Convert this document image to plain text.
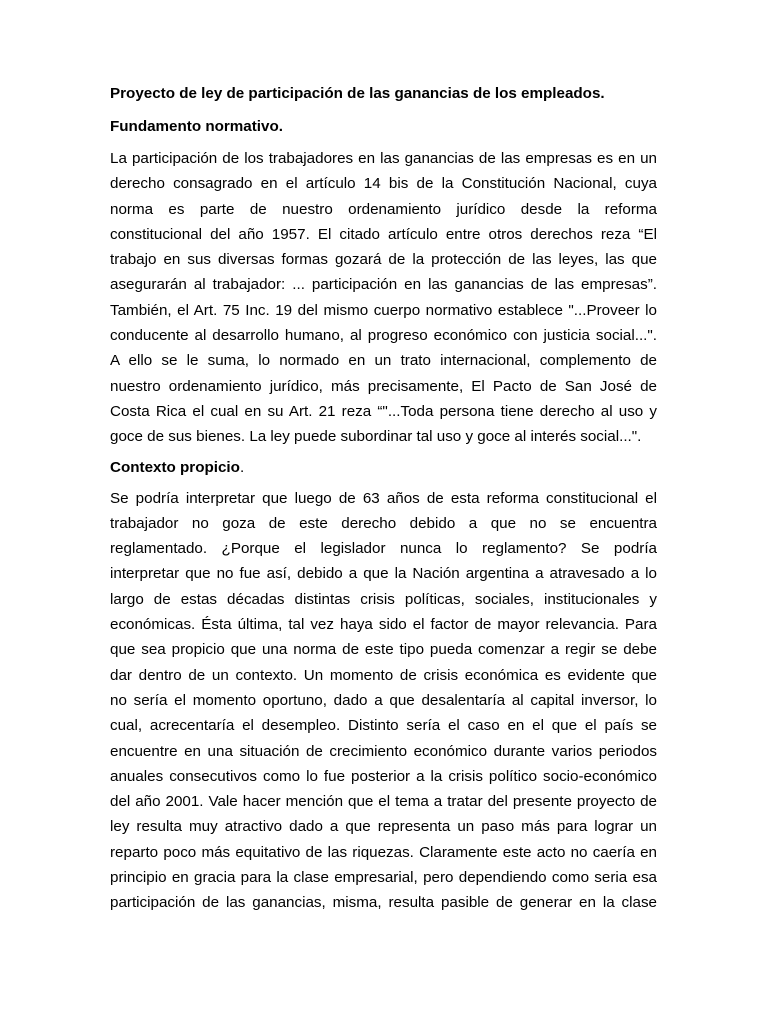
Proyecto de ley de participación de las ganancias de los empleados.

Fundamento normativo.

La participación de los trabajadores en las ganancias de las empresas es en un
derecho consagrado en el artículo 14 bis de la Constitución Nacional, cuya
norma es parte de nuestro ordenamiento jurídico desde la reforma
constitucional del año 1957. El citado artículo entre otros derechos reza “El
trabajo en sus diversas formas gozará de la protección de las leyes, las que
asegurarán al trabajador: ... participación en las ganancias de las empresas”.
También, el Art. 75 Inc. 19 del mismo cuerpo normativo establece "...Proveer lo
conducente al desarrollo humano, al progreso económico con justicia social...".
A ello se le suma, lo normado en un trato internacional, complemento de
nuestro ordenamiento jurídico, más precisamente, El Pacto de San José de
Costa Rica el cual en su Art. 21 reza “"...Toda persona tiene derecho al uso y
goce de sus bienes. La ley puede subordinar tal uso y goce al interés social...".

Contexto propicio.

Se podría interpretar que luego de 63 años de esta reforma constitucional el
trabajador no goza de este derecho debido a que no se encuentra
reglamentado. ¿Porque el legislador nunca lo reglamento? Se podría
interpretar que no fue así, debido a que la Nación argentina a atravesado a lo
largo de estas décadas distintas crisis políticas, sociales, institucionales y
económicas. Ésta última, tal vez haya sido el factor de mayor relevancia. Para
que sea propicio que una norma de este tipo pueda comenzar a regir se debe
dar dentro de un contexto. Un momento de crisis económica es evidente que
no sería el momento oportuno, dado a que desalentaría al capital inversor, lo
cual, acrecentaría el desempleo. Distinto sería el caso en el que el país se
encuentre en una situación de crecimiento económico durante varios periodos
anuales consecutivos como lo fue posterior a la crisis político socio-económico
del año 2001. Vale hacer mención que el tema a tratar del presente proyecto de
ley resulta muy atractivo dado a que representa un paso más para lograr un
reparto poco más equitativo de las riquezas. Claramente este acto no caería en
principio en gracia para la clase empresarial, pero dependiendo como seria esa
participación de las ganancias, misma, resulta pasible de generar en la clase
